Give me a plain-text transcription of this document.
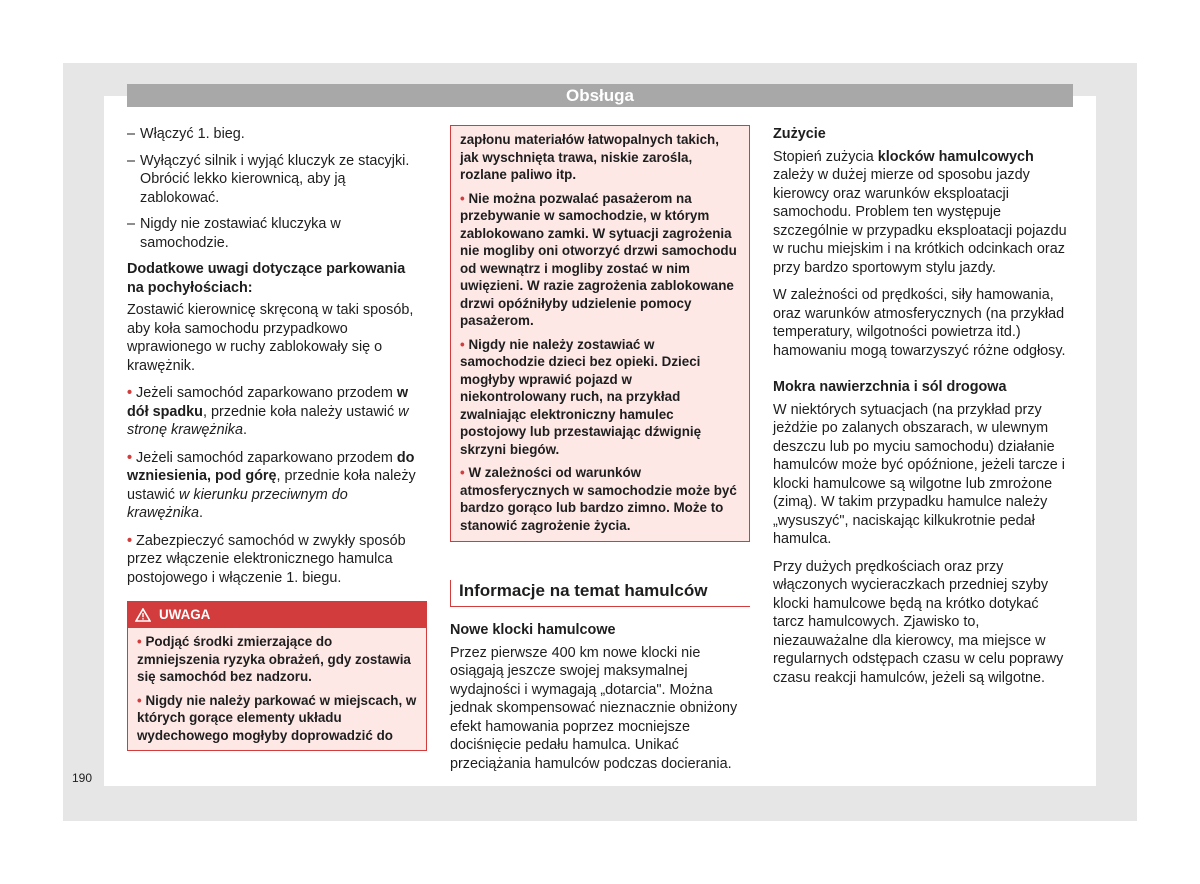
Obsługa
– Włączyć 1. bieg.
– Wyłączyć silnik i wyjąć kluczyk ze stacyjki. Obrócić lekko kierownicą, aby ją zablokować.
– Nigdy nie zostawiać kluczyka w samochodzie.

Dodatkowe uwagi dotyczące parkowania na pochyłościach:

Zostawić kierownicę skręconą w taki sposób, aby koła samochodu przypadkowo wprawionego w ruchy zablokowały się o krawężnik.

• Jeżeli samochód zaparkowano przodem w dół spadku, przednie koła należy ustawić w stronę krawężnika.

• Jeżeli samochód zaparkowano przodem do wzniesienia, pod górę, przednie koła należy ustawić w kierunku przeciwnym do krawężnika.

• Zabezpieczyć samochód w zwykły sposób przez włączenie elektronicznego hamulca postojowego i włączenie 1. biegu.

UWAGA

• Podjąć środki zmierzające do zmniejszenia ryzyka obrażeń, gdy zostawia się samochód bez nadzoru.

• Nigdy nie należy parkować w miejscach, w których gorące elementy układu wydechowego mogłyby doprowadzić do

zapłonu materiałów łatwopalnych takich, jak wyschnięta trawa, niskie zarośla, rozlane paliwo itp.

• Nie można pozwalać pasażerom na przebywanie w samochodzie, w którym zablokowano zamki. W sytuacji zagrożenia nie mogliby oni otworzyć drzwi samochodu od wewnątrz i mogliby zostać w nim uwięzieni. W razie zagrożenia zablokowane drzwi opóźniłyby udzielenie pomocy pasażerom.

• Nigdy nie należy zostawiać w samochodzie dzieci bez opieki. Dzieci mogłyby wprawić pojazd w niekontrolowany ruch, na przykład zwalniając elektroniczny hamulec postojowy lub przestawiając dźwignię skrzyni biegów.

• W zależności od warunków atmosferycznych w samochodzie może być bardzo gorąco lub bardzo zimno. Może to stanowić zagrożenie życia.

Informacje na temat hamulców

Nowe klocki hamulcowe

Przez pierwsze 400 km nowe klocki nie osiągają jeszcze swojej maksymalnej wydajności i wymagają „dotarcia". Można jednak skompensować nieznacznie obniżony efekt hamowania poprzez mocniejsze dociśnięcie pedału hamulca. Unikać przeciążania hamulców podczas docierania.

Zużycie

Stopień zużycia klocków hamulcowych zależy w dużej mierze od sposobu jazdy kierowcy oraz warunków eksploatacji samochodu. Problem ten występuje szczególnie w przypadku eksploatacji pojazdu w ruchu miejskim i na krótkich odcinkach oraz przy bardzo sportowym stylu jazdy.

W zależności od prędkości, siły hamowania, oraz warunków atmosferycznych (na przykład temperatury, wilgotności powietrza itd.) hamowaniu mogą towarzyszyć różne odgłosy.

Mokra nawierzchnia i sól drogowa

W niektórych sytuacjach (na przykład przy jeżdżie po zalanych obszarach, w ulewnym deszczu lub po myciu samochodu) działanie hamulców może być opóźnione, jeżeli tarcze i klocki hamulcowe są wilgotne lub zmrożone (zimą). W takim przypadku hamulce należy „wysuszyć", naciskając kilkukrotnie pedał hamulca.

Przy dużych prędkościach oraz przy włączonych wycieraczkach przedniej szyby klocki hamulcowe będą na krótko dotykać tarcz hamulcowych. Zjawisko to, niezauważalne dla kierowcy, ma miejsce w regularnych odstępach czasu w celu poprawy czasu reakcji hamulców, jeżeli są wilgotne.

190
